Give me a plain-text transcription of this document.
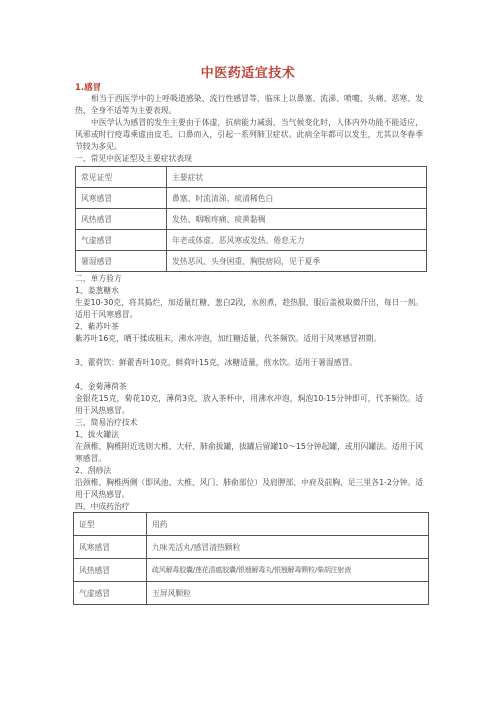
中医药适宜技术
1.感冒

相当于西医学中的上呼吸道感染、流行性感冒等，临床上以鼻塞、流涕、喷嚏、头痛、恶寒、发热、全身不适等为主要表现。

中医学认为感冒的发生主要由于体虚，抗病能力减弱，当气候变化时，人体内外功能不能适应，风邪或时行疫毒乘虚由皮毛、口鼻而入，引起一系列肺卫症状。此病全年都可以发生，尤其以冬春季节较为多见。

一、常见中医证型及主要症状表现
常见证型	主要症状
风寒感冒	鼻塞、时流清涕、痰清稀色白
风热感冒	发热、咽喉疼痛、痰黄黏稠
气虚感冒	年老或体虚、恶风寒或发热、倦怠无力
暑湿感冒	发热恶风、头身困重、胸脘痞闷，见于夏季
二、单方验方
1、姜葱糖水

生姜10-30克，将其捣烂，加适量红糖、葱白2段，水煎煮，趁热服，服后盖被取微汗出，每日一剂。适用于风寒感冒。

2、紫苏叶茶

紫苏叶16克，晒干揉成粗末，沸水冲泡，加红糖适量，代茶频饮。适用于风寒感冒初期。

3、藿荷饮：鲜藿香叶10克，鲜荷叶15克，冰糖适量，煎水饮。适用于暑湿感冒。

4、金菊薄荷茶

金银花15克，菊花10克，薄荷3克，放入茶杯中，用沸水冲泡，焖泡10-15分钟即可，代茶频饮。适用于风热感冒。

三、简易治疗技术
1、拔火罐法

在颈椎、胸椎附近选则大椎、大杼、肺俞拔罐，拔罐后留罐10～15分钟起罐，或用闪罐法。适用于风寒感冒。

2、刮痧法

沿颈椎、胸椎两侧（即风池、大椎、风门、肺俞部位）及肩胛部、中府及前胸、足三里各1-2分钟。适用于风热感冒。

四、中成药治疗
证型	用药
风寒感冒	九味羌活丸/感冒清热颗粒
风热感冒	疏风解毒胶囊/莲花清瘟胶囊/银翘解毒丸/银翘解毒颗粒/柴胡注射液
气虚感冒	玉屏风颗粒
